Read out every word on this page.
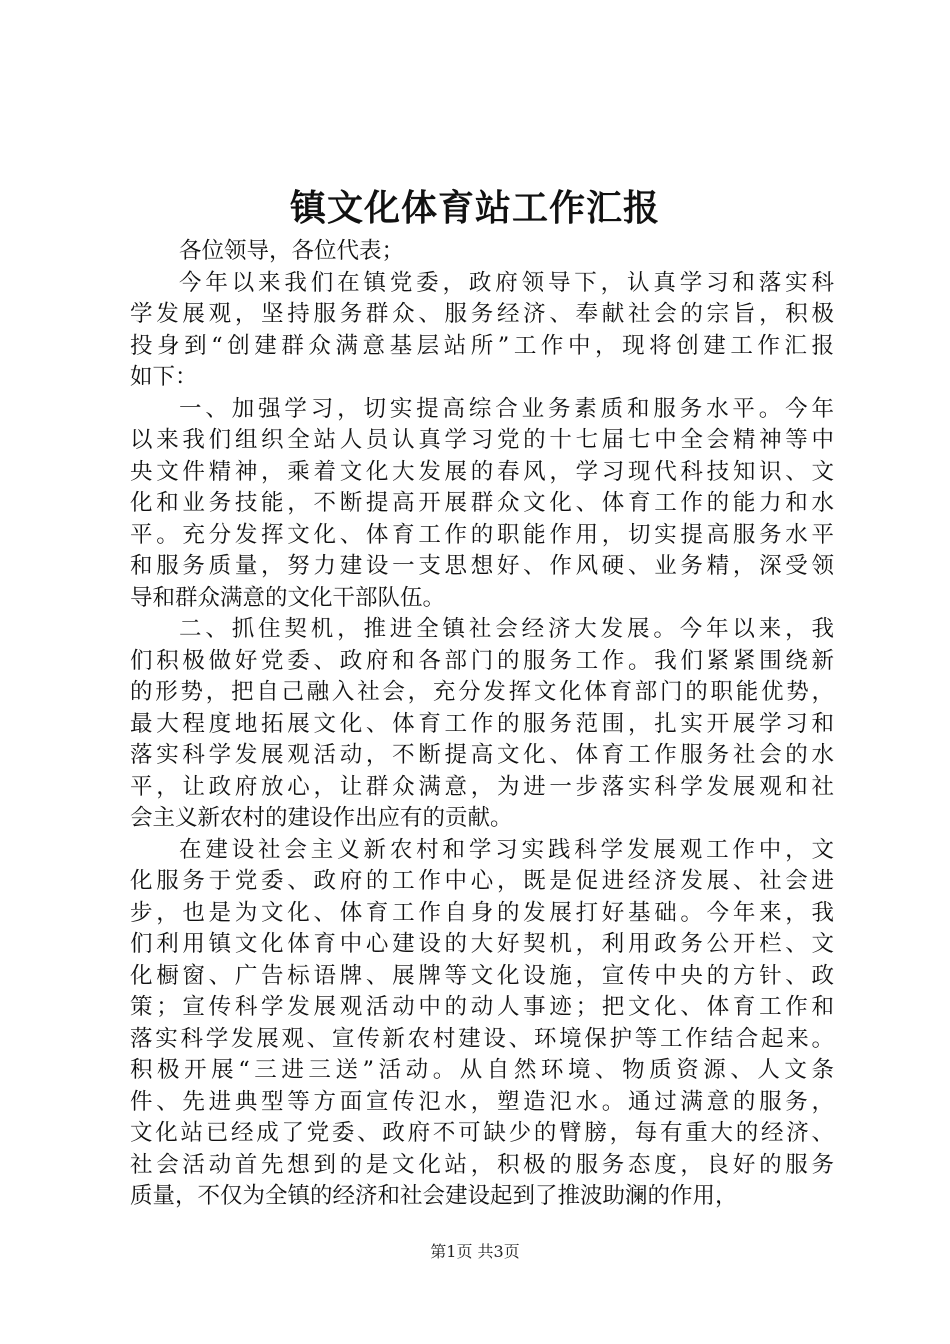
镇文化体育站工作汇报
各位领导，各位代表；
今年以来我们在镇党委，政府领导下，认真学习和落实科
学发展观，坚持服务群众、服务经济、奉献社会的宗旨，积极
投身到“创建群众满意基层站所”工作中，现将创建工作汇报
如下：
一、加强学习，切实提高综合业务素质和服务水平。今年
以来我们组织全站人员认真学习党的十七届七中全会精神等中
央文件精神，乘着文化大发展的春风，学习现代科技知识、文
化和业务技能，不断提高开展群众文化、体育工作的能力和水
平。充分发挥文化、体育工作的职能作用，切实提高服务水平
和服务质量，努力建设一支思想好、作风硬、业务精，深受领
导和群众满意的文化干部队伍。
二、抓住契机，推进全镇社会经济大发展。今年以来，我
们积极做好党委、政府和各部门的服务工作。我们紧紧围绕新
的形势，把自己融入社会，充分发挥文化体育部门的职能优势，
最大程度地拓展文化、体育工作的服务范围，扎实开展学习和
落实科学发展观活动，不断提高文化、体育工作服务社会的水
平，让政府放心，让群众满意，为进一步落实科学发展观和社
会主义新农村的建设作出应有的贡献。
在建设社会主义新农村和学习实践科学发展观工作中，文
化服务于党委、政府的工作中心，既是促进经济发展、社会进
步，也是为文化、体育工作自身的发展打好基础。今年来，我
们利用镇文化体育中心建设的大好契机，利用政务公开栏、文
化橱窗、广告标语牌、展牌等文化设施，宣传中央的方针、政
策；宣传科学发展观活动中的动人事迹；把文化、体育工作和
落实科学发展观、宣传新农村建设、环境保护等工作结合起来。
积极开展“三进三送”活动。从自然环境、物质资源、人文条
件、先进典型等方面宣传氾水，塑造氾水。通过满意的服务，
文化站已经成了党委、政府不可缺少的臂膀，每有重大的经济、
社会活动首先想到的是文化站，积极的服务态度，良好的服务
质量，不仅为全镇的经济和社会建设起到了推波助澜的作用，
第1页 共3页
